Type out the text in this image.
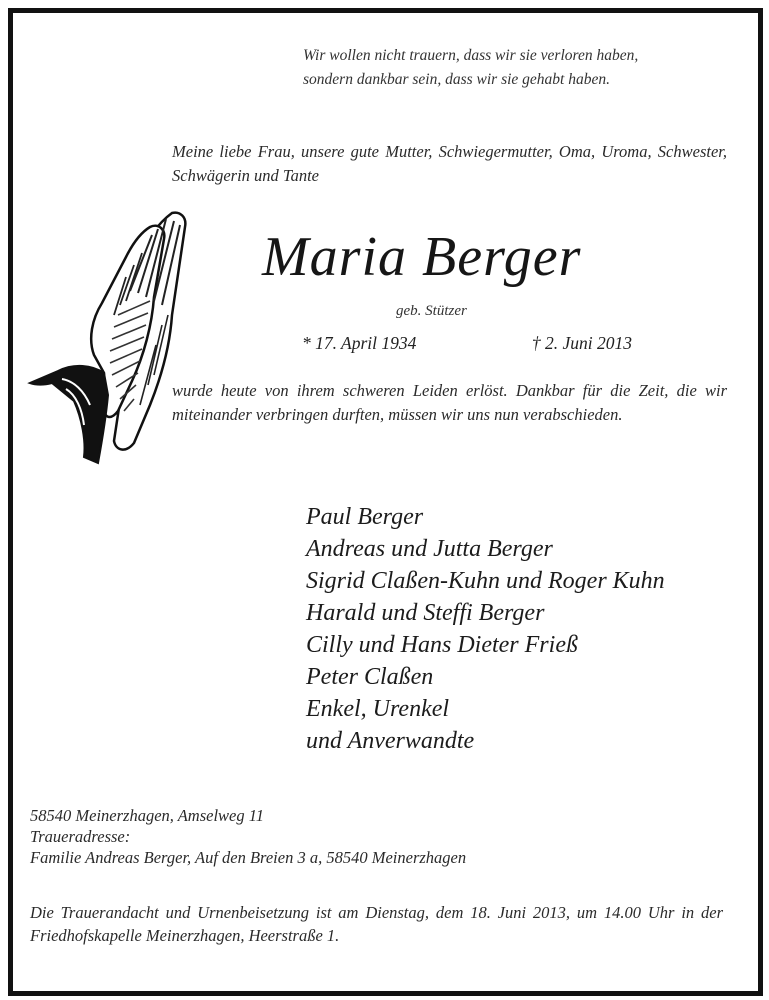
Wir wollen nicht trauern, dass wir sie verloren haben,
sondern dankbar sein, dass wir sie gehabt haben.
Meine liebe Frau, unsere gute Mutter, Schwiegermutter, Oma, Uroma, Schwester, Schwägerin und Tante
Maria Berger
geb. Stützer
* 17. April 1934	† 2. Juni 2013
wurde heute von ihrem schweren Leiden erlöst. Dankbar für die Zeit, die wir miteinander verbringen durften, müssen wir uns nun verabschieden.
Paul Berger
Andreas und Jutta Berger
Sigrid Claßen-Kuhn und Roger Kuhn
Harald und Steffi Berger
Cilly und Hans Dieter Frieß
Peter Claßen
Enkel, Urenkel
und Anverwandte
58540 Meinerzhagen, Amselweg 11
Traueradresse:
Familie Andreas Berger, Auf den Breien 3 a, 58540 Meinerzhagen
Die Trauerandacht und Urnenbeisetzung ist am Dienstag, dem 18. Juni 2013, um 14.00 Uhr in der Friedhofskapelle Meinerzhagen, Heerstraße 1.
